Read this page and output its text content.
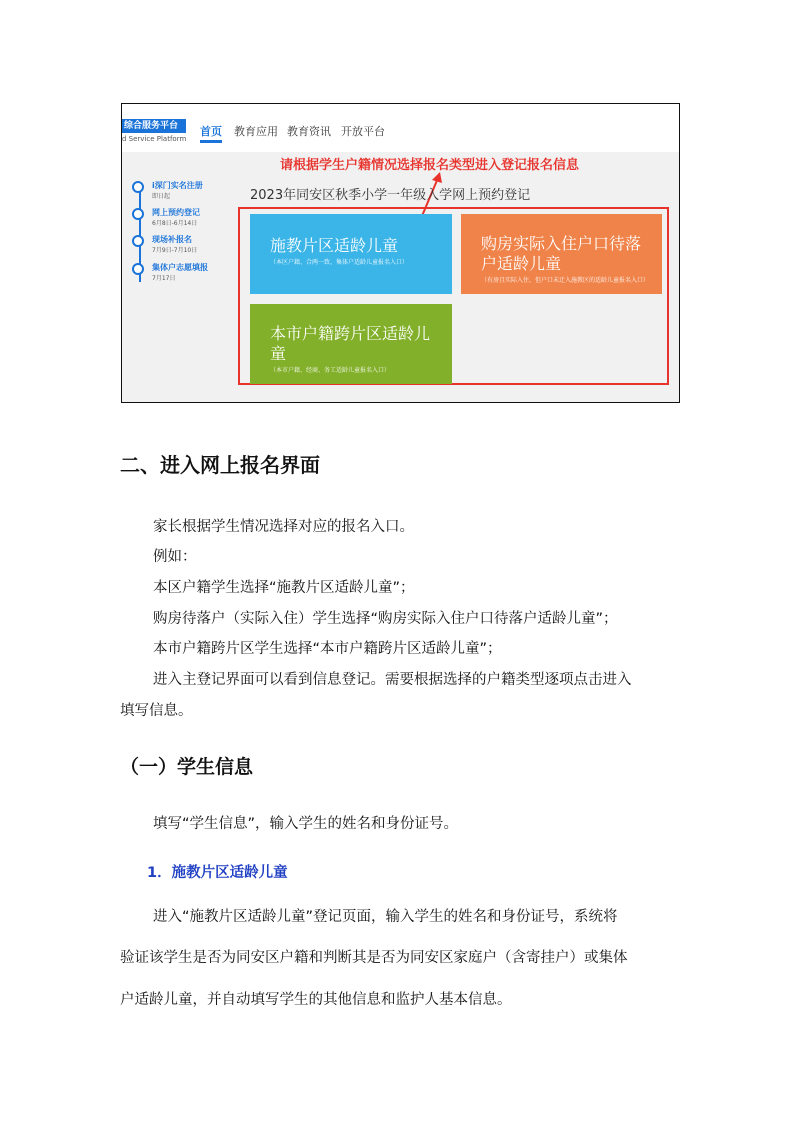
综合服务平台
d Service Platform
首页 教育应用 教育资讯 开放平台
请根据学生户籍情况选择报名类型进入登记报名信息
2023年同安区秋季小学一年级入学网上预约登记
i深门实名注册
即日起
网上预约登记
6月8日-6月14日
现场补报名
7月9日-7月10日
集体户志愿填报
7月17日
施教片区适龄儿童
（本区户籍、合两一致、集体户适龄儿童报名入口）
购房实际入住户口待落户适龄儿童
（有房且实际入住、但户口未迁入施教区的适龄儿童报名入口）
本市户籍跨片区适龄儿童
（本市户籍、经商、务工适龄儿童报名入口）
二、进入网上报名界面
家长根据学生情况选择对应的报名入口。
例如：
本区户籍学生选择“施教片区适龄儿童”；
购房待落户（实际入住）学生选择“购房实际入住户口待落户适龄儿童”；
本市户籍跨片区学生选择“本市户籍跨片区适龄儿童”；
进入主登记界面可以看到信息登记。需要根据选择的户籍类型逐项点击进入
填写信息。
（一）学生信息
填写“学生信息”，输入学生的姓名和身份证号。
1．施教片区适龄儿童
进入“施教片区适龄儿童”登记页面，输入学生的姓名和身份证号，系统将
验证该学生是否为同安区户籍和判断其是否为同安区家庭户（含寄挂户）或集体
户适龄儿童，并自动填写学生的其他信息和监护人基本信息。
